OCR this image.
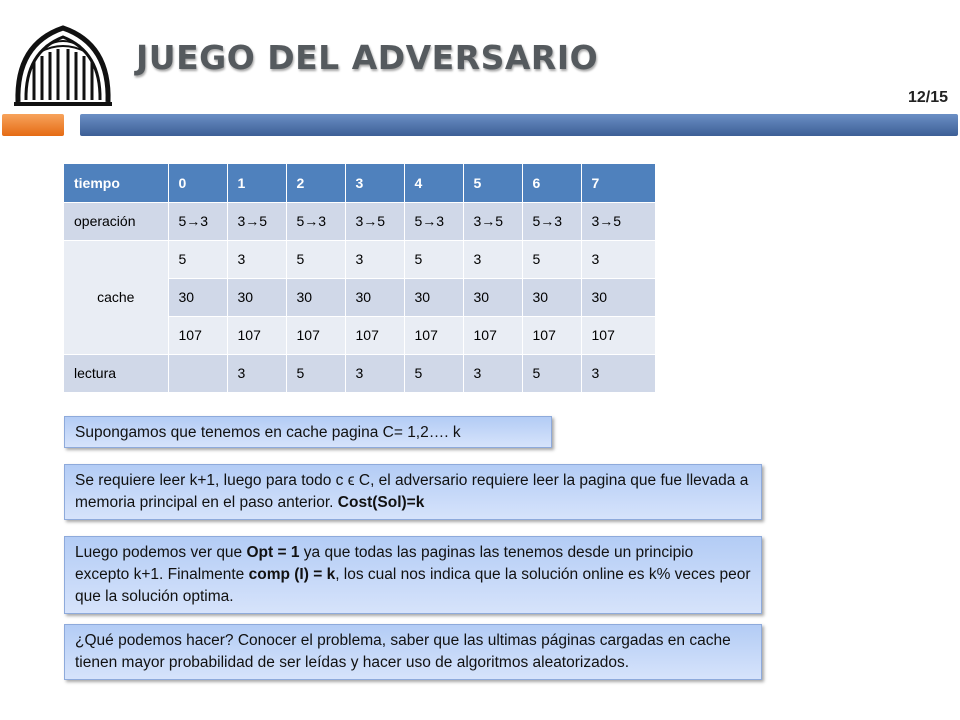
JUEGO DEL ADVERSARIO
12/15
tiempo	0	1	2	3	4	5	6	7
operación	5→3	3→5	5→3	3→5	5→3	3→5	5→3	3→5
cache	5	3	5	3	5	3	5	3
	30	30	30	30	30	30	30	30
	107	107	107	107	107	107	107	107
lectura		3	5	3	5	3	5	3
Supongamos que tenemos en cache pagina C= 1,2…. k
Se requiere leer k+1, luego para todo c ϵ C, el adversario requiere leer la pagina que fue llevada a memoria principal en el paso anterior. Cost(Sol)=k
Luego podemos ver que Opt = 1 ya que todas las paginas las tenemos desde un principio excepto k+1. Finalmente comp (I) = k, los cual nos indica que la solución online es k% veces peor que la solución optima.
¿Qué podemos hacer? Conocer el problema, saber que las ultimas páginas cargadas en cache tienen mayor probabilidad de ser leídas y hacer uso de algoritmos aleatorizados.
